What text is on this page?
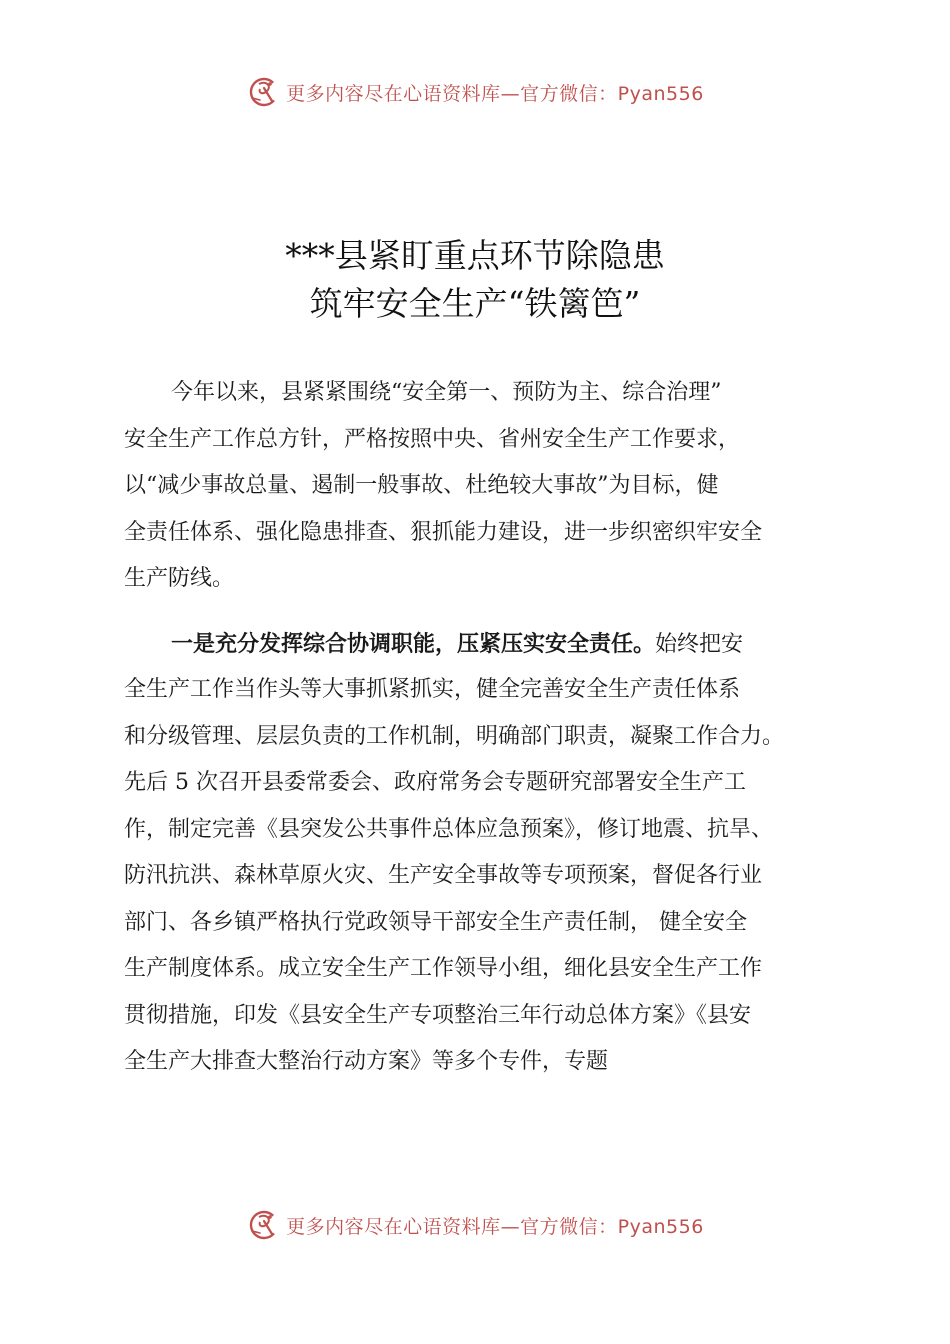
更多内容尽在心语资料库—官方微信：Pyan556
***县紧盯重点环节除隐患
筑牢安全生产“铁篱笆”
今年以来，县紧紧围绕“安全第一、预防为主、综合治理”
安全生产工作总方针，严格按照中央、省州安全生产工作要求，
以“减少事故总量、遏制一般事故、杜绝较大事故”为目标，健
全责任体系、强化隐患排查、狠抓能力建设，进一步织密织牢安全
生产防线。
一是充分发挥综合协调职能，压紧压实安全责任。始终把安
全生产工作当作头等大事抓紧抓实，健全完善安全生产责任体系
和分级管理、层层负责的工作机制，明确部门职责，凝聚工作合力。
先后 5 次召开县委常委会、政府常务会专题研究部署安全生产工
作，制定完善《县突发公共事件总体应急预案》，修订地震、抗旱、
防汛抗洪、森林草原火灾、生产安全事故等专项预案，督促各行业
部门、各乡镇严格执行党政领导干部安全生产责任制， 健全安全
生产制度体系。成立安全生产工作领导小组，细化县安全生产工作
贯彻措施，印发《县安全生产专项整治三年行动总体方案》《县安
全生产大排查大整治行动方案》等多个专件，专题
更多内容尽在心语资料库—官方微信：Pyan556
